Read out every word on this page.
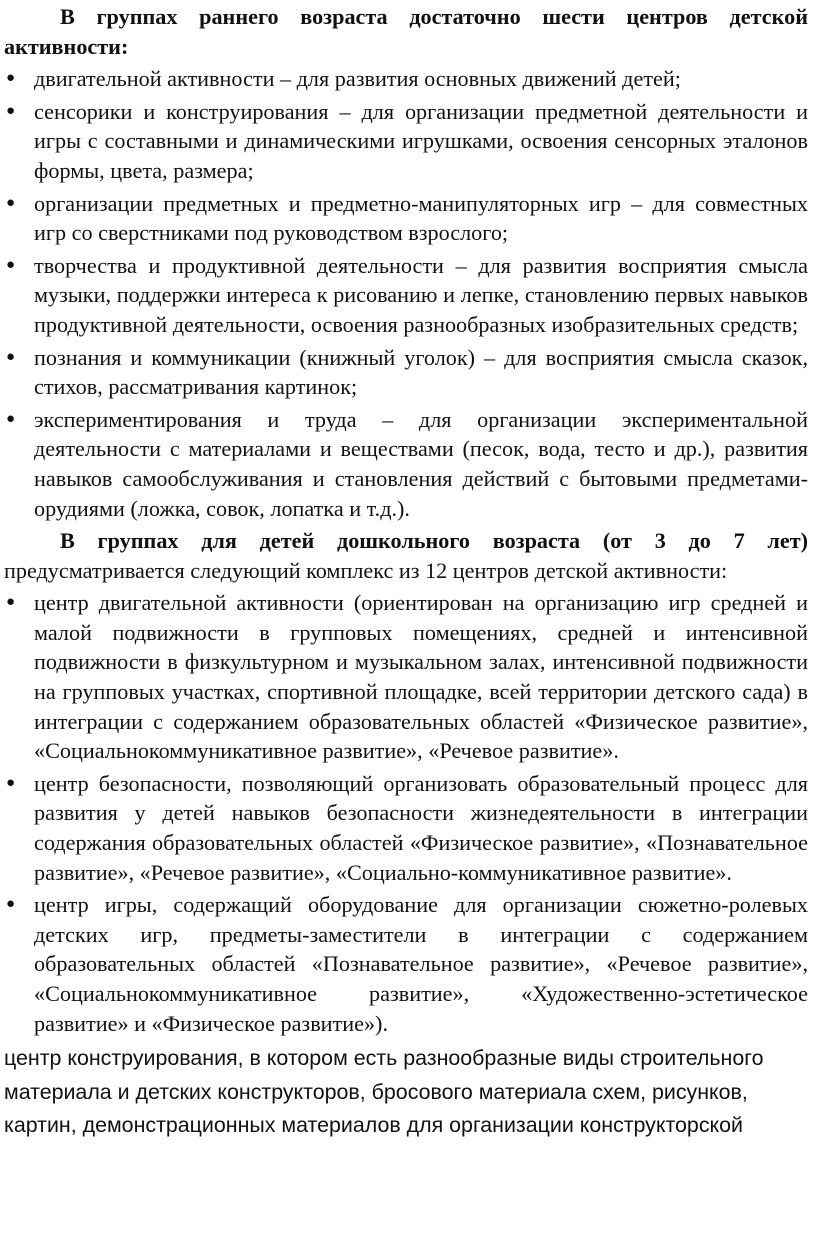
В группах раннего возраста достаточно шести центров детской активности:

● двигательной активности – для развития основных движений детей;
● сенсорики и конструирования – для организации предметной деятельности и игры с составными и динамическими игрушками, освоения сенсорных эталонов формы, цвета, размера;
● организации предметных и предметно-манипуляторных игр – для совместных игр со сверстниками под руководством взрослого;
● творчества и продуктивной деятельности – для развития восприятия смысла музыки, поддержки интереса к рисованию и лепке, становлению первых навыков продуктивной деятельности, освоения разнообразных изобразительных средств;
● познания и коммуникации (книжный уголок) – для восприятия смысла сказок, стихов, рассматривания картинок;
● экспериментирования и труда – для организации экспериментальной деятельности с материалами и веществами (песок, вода, тесто и др.), развития навыков самообслуживания и становления действий с бытовыми предметами-орудиями (ложка, совок, лопатка и т.д.).

В группах для детей дошкольного возраста (от 3 до 7 лет) предусматривается следующий комплекс из 12 центров детской активности:

● центр двигательной активности (ориентирован на организацию игр средней и малой подвижности в групповых помещениях, средней и интенсивной подвижности в физкультурном и музыкальном залах, интенсивной подвижности на групповых участках, спортивной площадке, всей территории детского сада) в интеграции с содержанием образовательных областей «Физическое развитие», «Социальнокоммуникативное развитие», «Речевое развитие».
● центр безопасности, позволяющий организовать образовательный процесс для развития у детей навыков безопасности жизнедеятельности в интеграции содержания образовательных областей «Физическое развитие», «Познавательное развитие», «Речевое развитие», «Социально-коммуникативное развитие».
● центр игры, содержащий оборудование для организации сюжетно-ролевых детских игр, предметы-заместители в интеграции с содержанием образовательных областей «Познавательное развитие», «Речевое развитие», «Социальнокоммуникативное развитие», «Художественно-эстетическое развитие» и «Физическое развитие»).

центр конструирования, в котором есть разнообразные виды строительного материала и детских конструкторов, бросового материала схем, рисунков, картин, демонстрационных материалов для организации конструкторской
